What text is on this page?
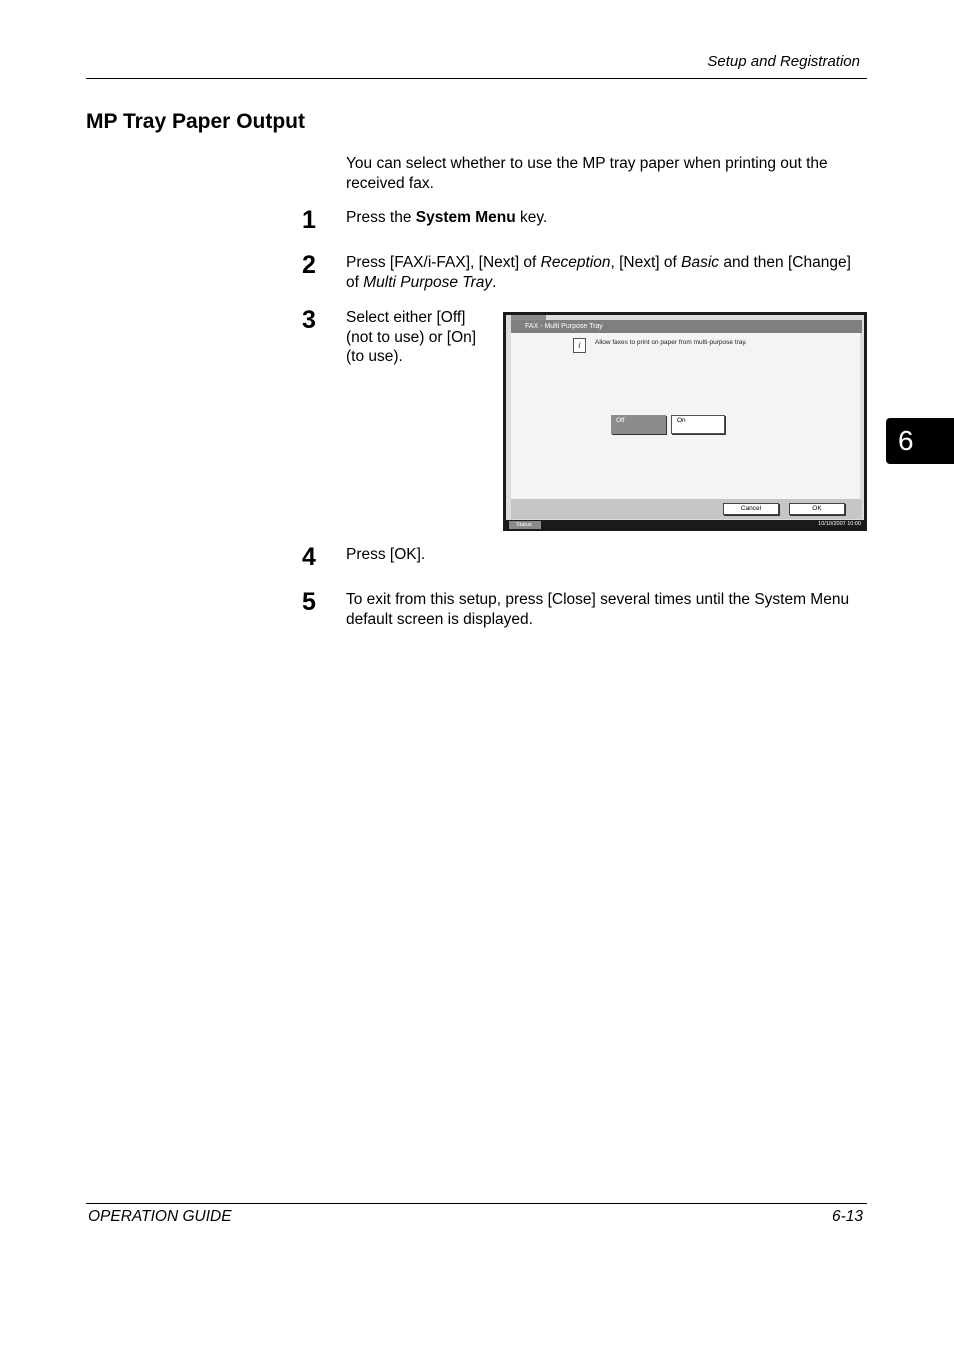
Setup and Registration
MP Tray Paper Output
You can select whether to use the MP tray paper when printing out the received fax.
1	Press the System Menu key.
2	Press [FAX/i-FAX], [Next] of Reception, [Next] of Basic and then [Change] of Multi Purpose Tray.
3	Select either [Off] (not to use) or [On] (to use).
FAX - Multi Purpose Tray
i	Allow faxes to print on paper from multi-purpose tray.
Off	On
Cancel	OK
Status	10/10/2007 10:00
4	Press [OK].
5	To exit from this setup, press [Close] several times until the System Menu default screen is displayed.
6
OPERATION GUIDE	6-13
